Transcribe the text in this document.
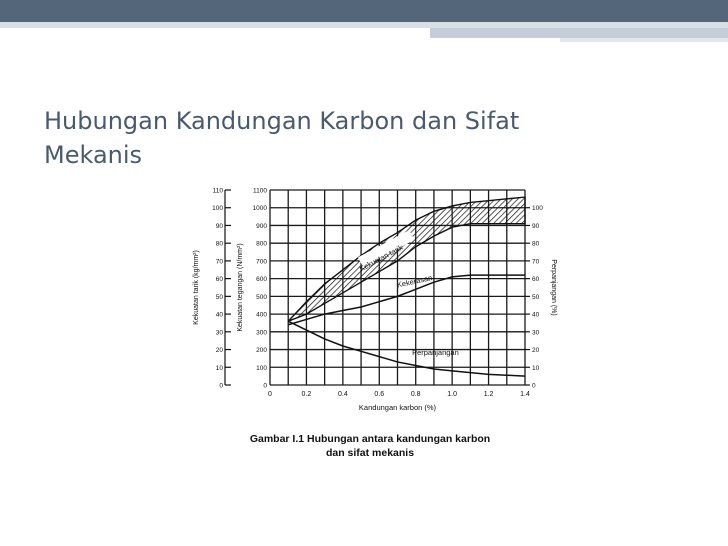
Hubungan Kandungan Karbon dan Sifat
Mekanis
0	0.2	0.4	0.6	0.8	1.0	1.2	1.4
Kandungan karbon (%)
0
10
20
30
40
50
60
70
80
90
100
110
Kekuatan tarik (kg/mm²)
0
100
200
300
400
500
600
700
800
900
1000
1100
Kekuatan tegangan (N/mm²)
0
10
20
30
40
50
60
70
80
90
100
Perpanjangan (%)
Kekuatan tarik
Kekerasan
Perpanjangan
Gambar I.1 Hubungan antara kandungan karbon
dan sifat mekanis
